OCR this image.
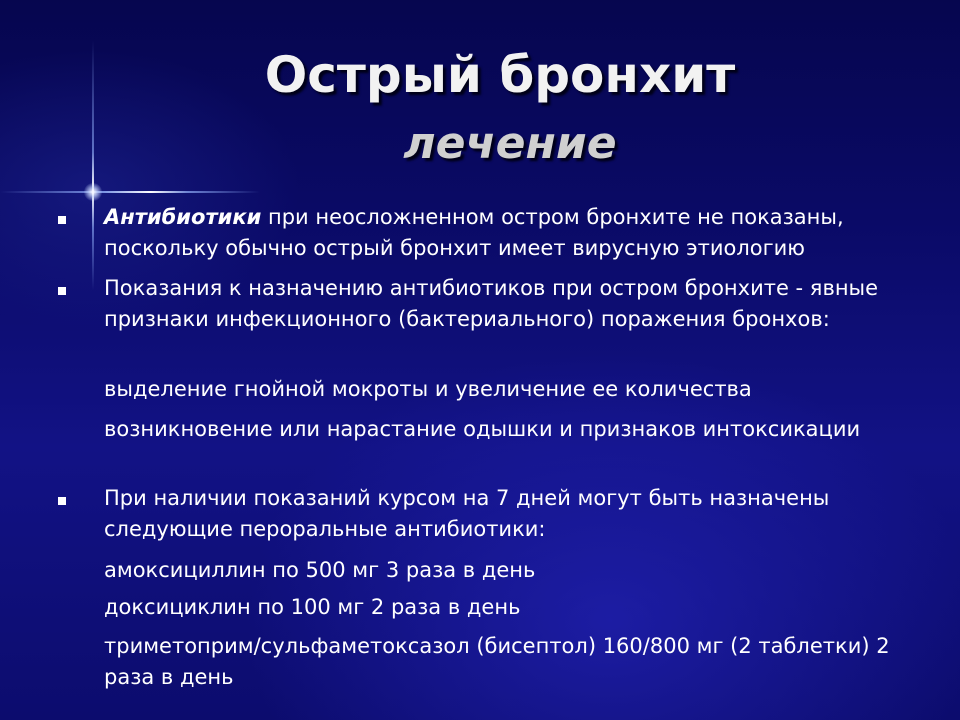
Острый бронхит
лечение
Антибиотики при неосложненном остром бронхите не показаны, поскольку обычно острый бронхит имеет вирусную этиологию
Показания к назначению антибиотиков при остром бронхите - явные признаки инфекционного (бактериального) поражения бронхов:
выделение гнойной мокроты и увеличение ее количества
возникновение или нарастание одышки и признаков интоксикации
При наличии показаний курсом на 7 дней могут быть назначены следующие пероральные антибиотики:
амоксициллин по 500 мг 3 раза в день
доксициклин по 100 мг 2 раза в день
триметоприм/сульфаметоксазол (бисептол) 160/800 мг (2 таблетки) 2 раза в день
